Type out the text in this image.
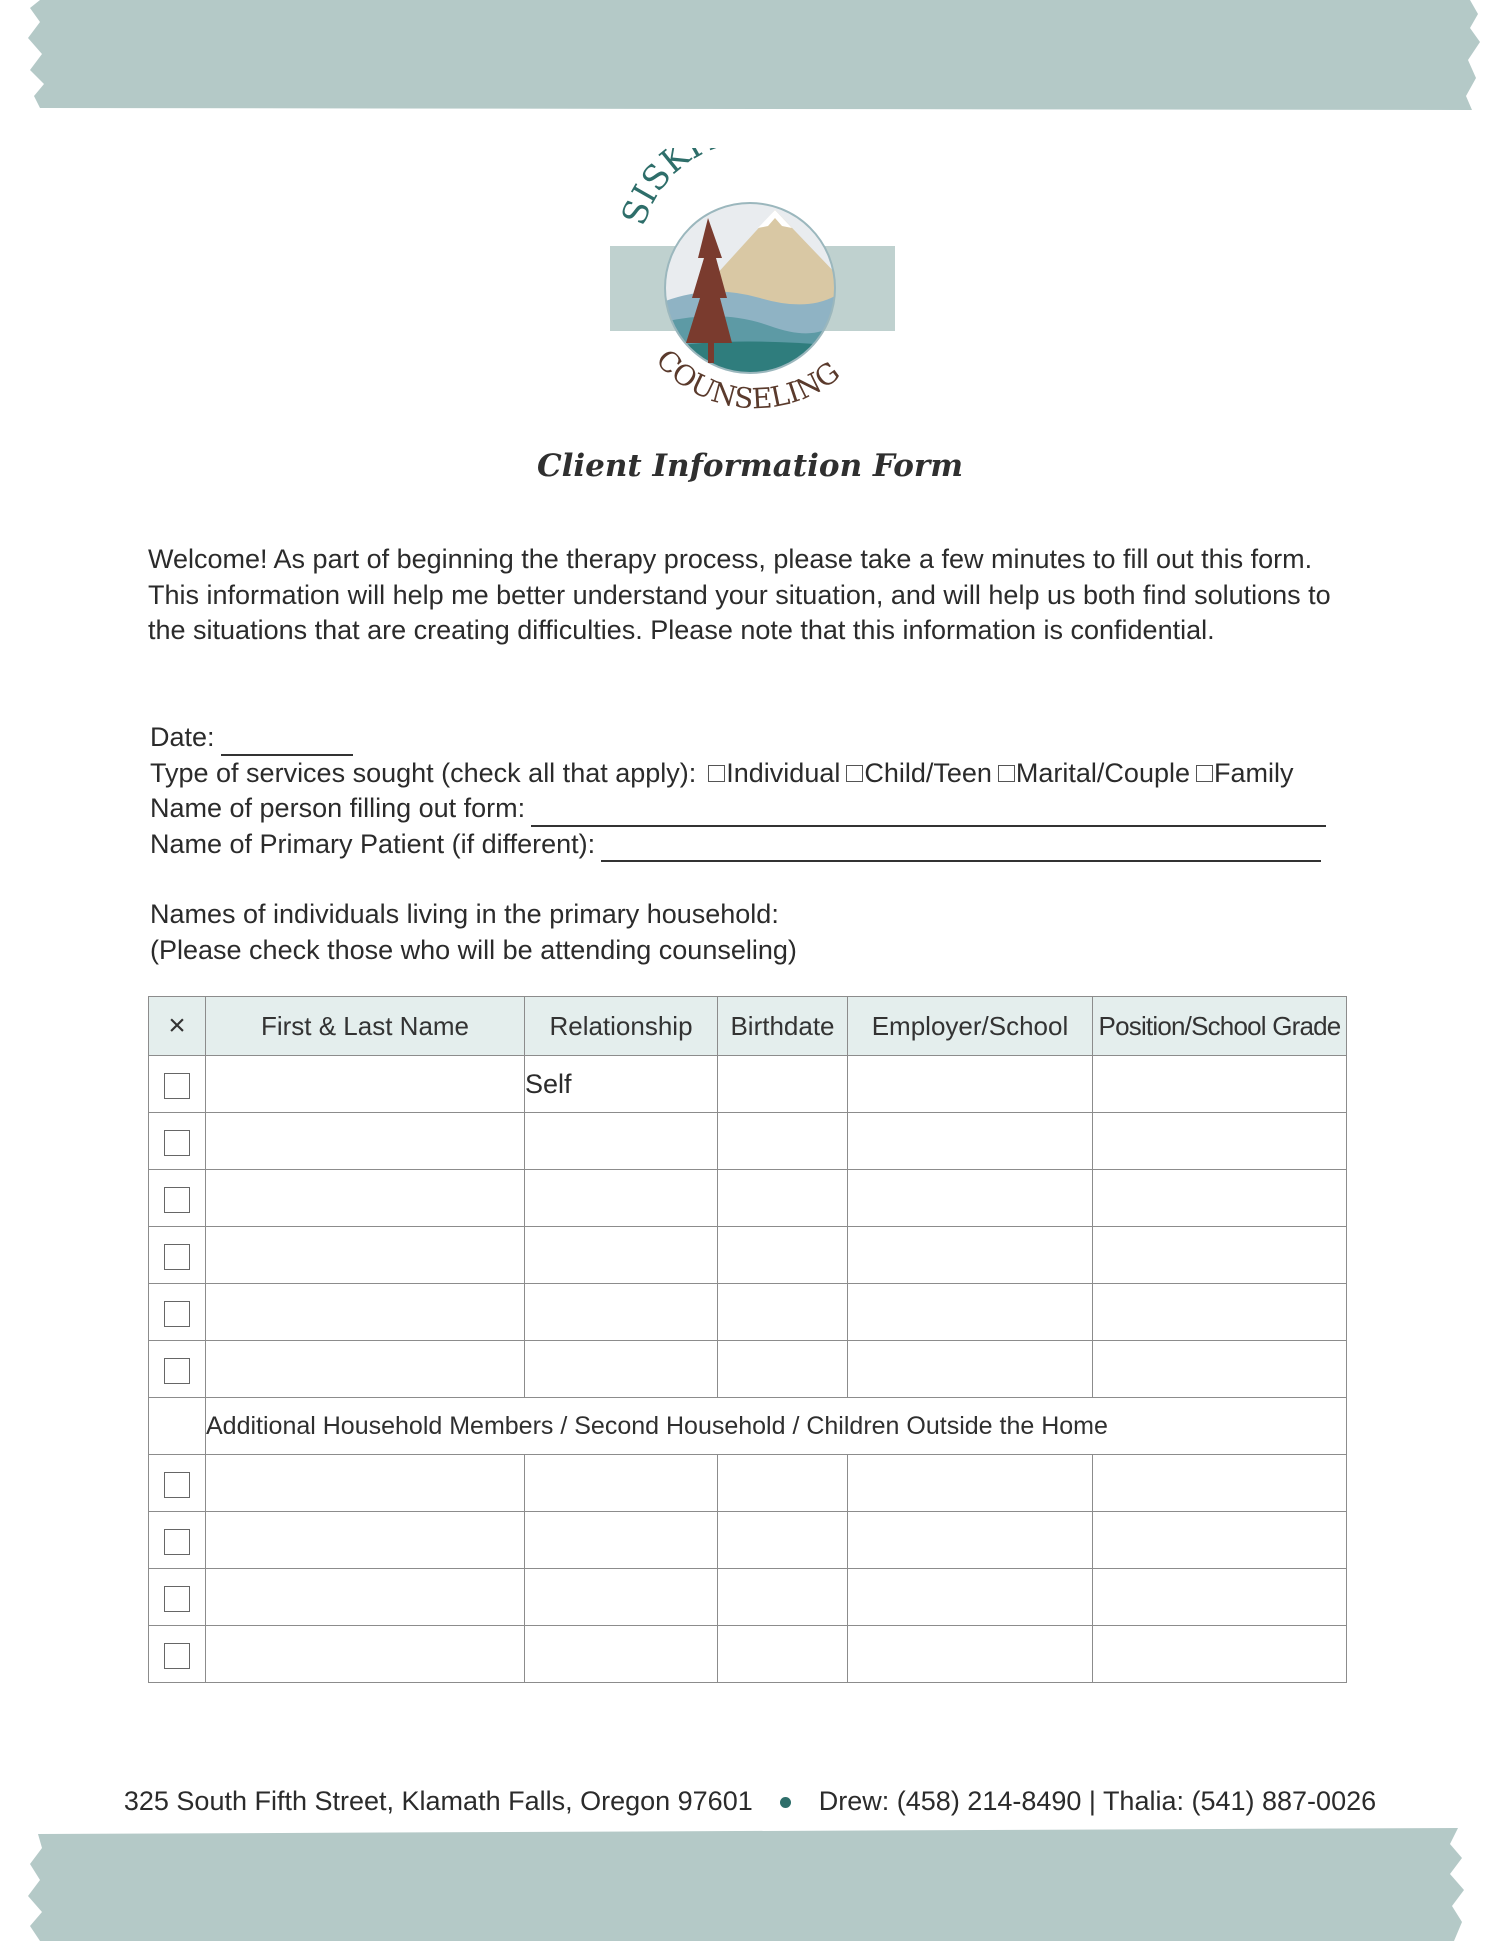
SISK
COUNSELING
Client Information Form
Welcome! As part of beginning the therapy process, please take a few minutes to fill out this form. This information will help me better understand your situation, and will help us both find solutions to the situations that are creating difficulties. Please note that this information is confidential.
Date:
Type of services sought (check all that apply): Individual Child/Teen Marital/Couple Family
Name of person filling out form:
Name of Primary Patient (if different):
Names of individuals living in the primary household:
(Please check those who will be attending counseling)
×	First & Last Name	Relationship	Birthdate	Employer/School	Position/School Grade
		Self			

	Additional Household Members / Second Household / Children Outside the Home				

325 South Fifth Street, Klamath Falls, Oregon 97601 Drew: (458) 214-8490 | Thalia: (541) 887-0026
